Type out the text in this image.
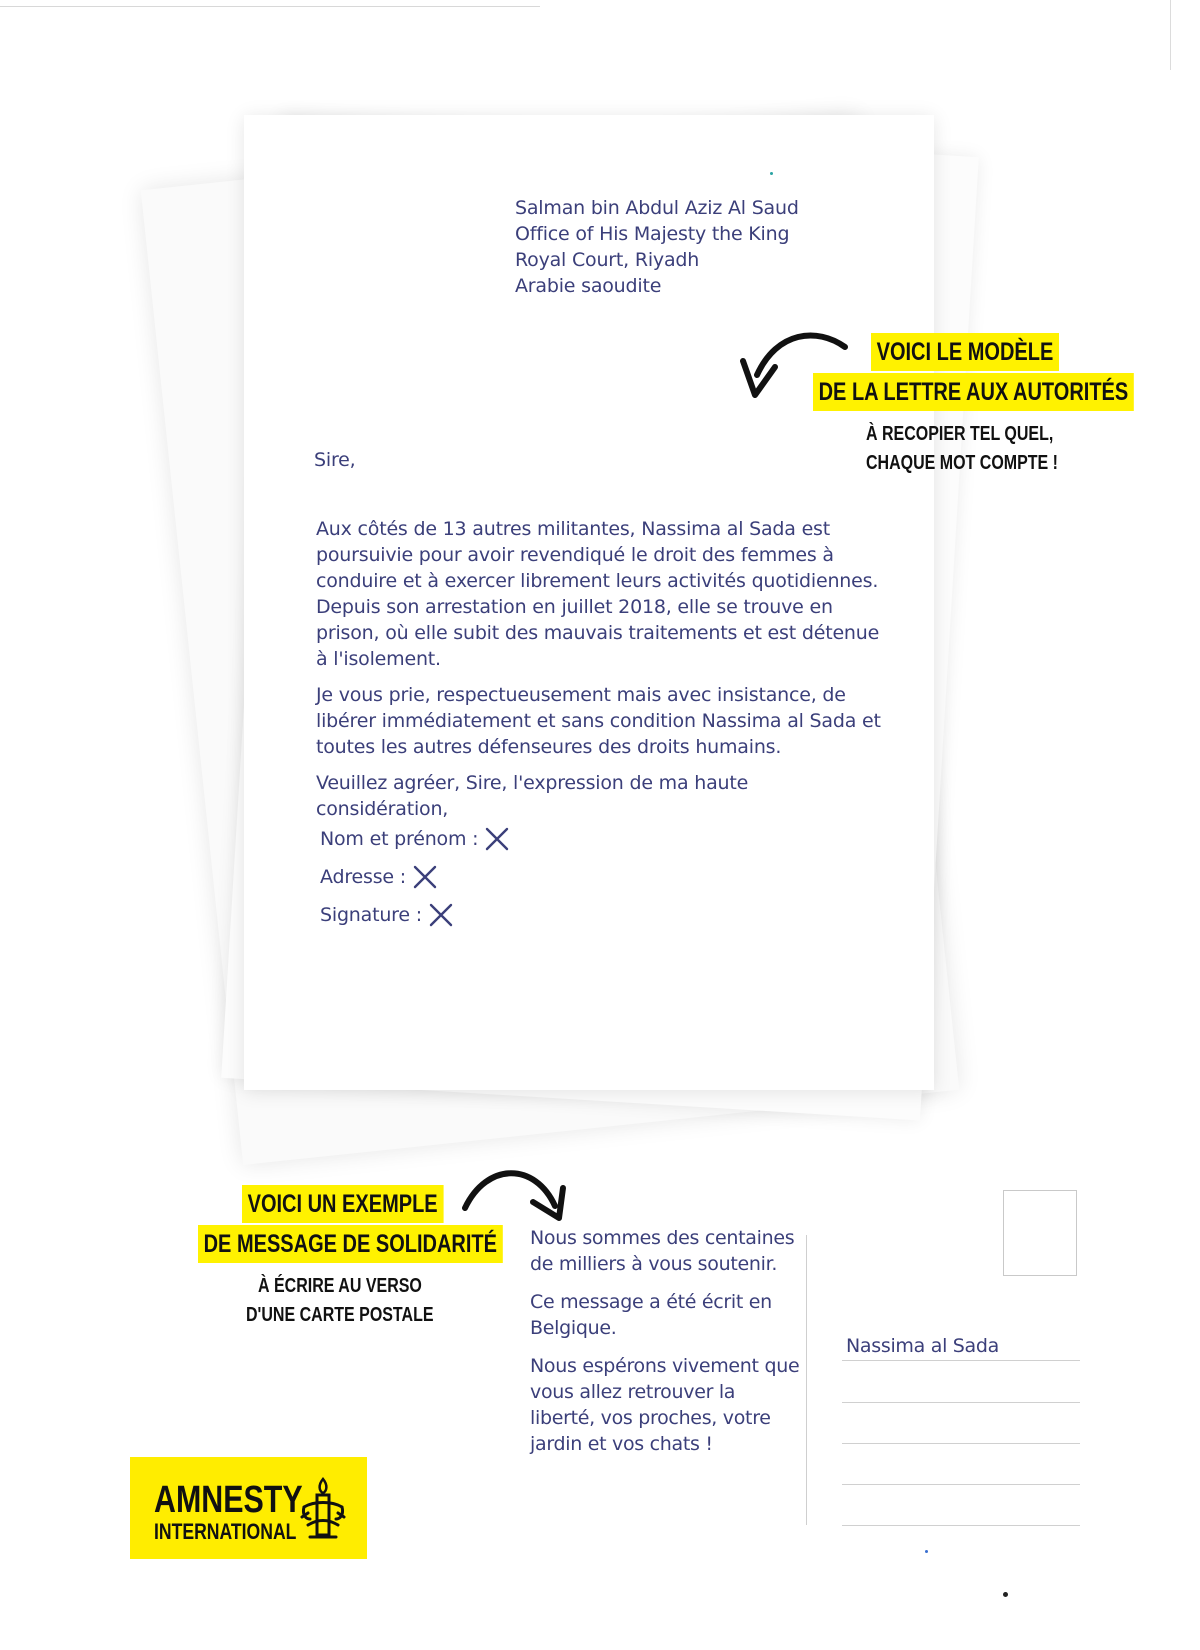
Salman bin Abdul Aziz Al Saud
Office of His Majesty the King
Royal Court, Riyadh
Arabie saoudite
Sire,

Aux côtés de 13 autres militantes, Nassima al Sada est poursuivie pour avoir revendiqué le droit des femmes à conduire et à exercer librement leurs activités quotidiennes. Depuis son arrestation en juillet 2018, elle se trouve en prison, où elle subit des mauvais traitements et est détenue à l'isolement.

Je vous prie, respectueusement mais avec insistance, de libérer immédiatement et sans condition Nassima al Sada et toutes les autres défenseures des droits humains.

Veuillez agréer, Sire, l'expression de ma haute considération,

Nom et prénom :
Adresse :
Signature :
VOICI LE MODÈLE
DE LA LETTRE AUX AUTORITÉS
À RECOPIER TEL QUEL,
CHAQUE MOT COMPTE !
VOICI UN EXEMPLE
DE MESSAGE DE SOLIDARITÉ
À ÉCRIRE AU VERSO
D'UNE CARTE POSTALE

Nous sommes des centaines de milliers à vous soutenir.

Ce message a été écrit en Belgique.

Nous espérons vivement que vous allez retrouver la liberté, vos proches, votre jardin et vos chats !

Nassima al Sada
AMNESTY
INTERNATIONAL
